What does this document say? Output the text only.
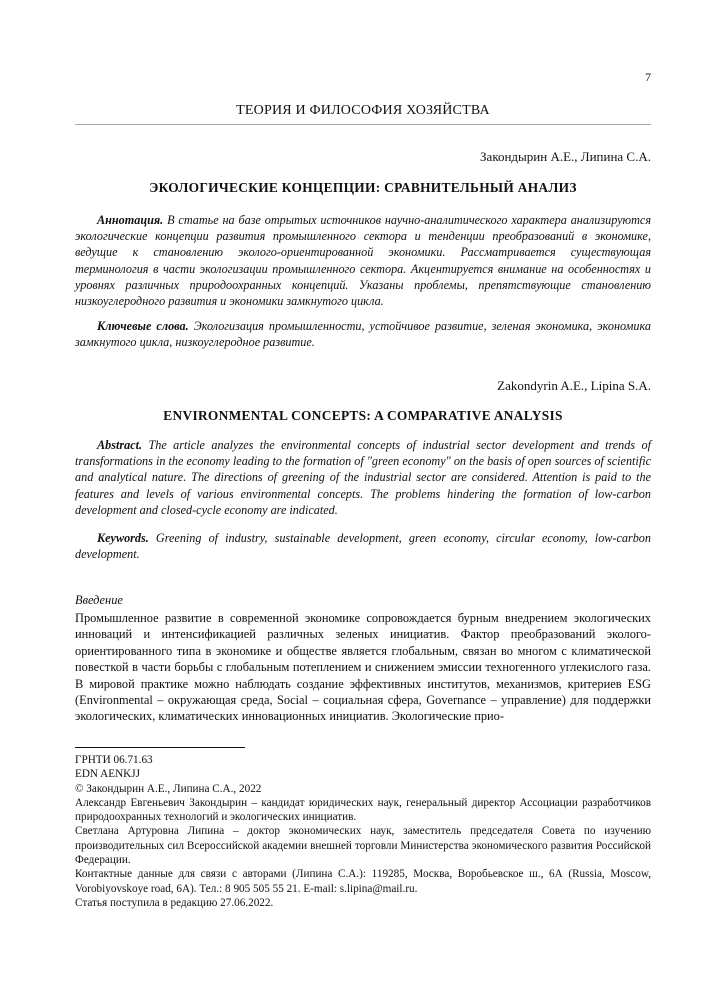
7
ТЕОРИЯ И ФИЛОСОФИЯ ХОЗЯЙСТВА
Закондырин А.Е., Липина С.А.
ЭКОЛОГИЧЕСКИЕ КОНЦЕПЦИИ: СРАВНИТЕЛЬНЫЙ АНАЛИЗ

Аннотация. В статье на базе отрытых источников научно-аналитического характера анализируются экологические концепции развития промышленного сектора и тенденции преобразований в экономике, ведущие к становлению эколого-ориентированной экономики. Рассматривается существующая терминология в части экологизации промышленного сектора. Акцентируется внимание на особенностях и уровнях различных природоохранных концепций. Указаны проблемы, препятствующие становлению низкоуглеродного развития и экономики замкнутого цикла.

Ключевые слова. Экологизация промышленности, устойчивое развитие, зеленая экономика, экономика замкнутого цикла, низкоуглеродное развитие.

Zakondyrin A.E., Lipina S.A.
ENVIRONMENTAL CONCEPTS: A COMPARATIVE ANALYSIS

Abstract. The article analyzes the environmental concepts of industrial sector development and trends of transformations in the economy leading to the formation of "green economy" on the basis of open sources of scientific and analytical nature. The directions of greening of the industrial sector are considered. Attention is paid to the features and levels of various environmental concepts. The problems hindering the formation of low-carbon development and closed-cycle economy are indicated.

Keywords. Greening of industry, sustainable development, green economy, circular economy, low-carbon development.

Введение

Промышленное развитие в современной экономике сопровождается бурным внедрением экологических инноваций и интенсификацией различных зеленых инициатив. Фактор преобразований эколого-ориентированного типа в экономике и обществе является глобальным, связан во многом с климатической повесткой в части борьбы с глобальным потеплением и снижением эмиссии техногенного углекислого газа. В мировой практике можно наблюдать создание эффективных институтов, механизмов, критериев ESG (Environmental – окружающая среда, Social – социальная сфера, Governance – управление) для поддержки экологических, климатических инновационных инициатив. Экологические прио-

ГРНТИ 06.71.63

EDN AENKJJ

© Закондырин А.Е., Липина С.А., 2022

Александр Евгеньевич Закондырин – кандидат юридических наук, генеральный директор Ассоциации разработчиков природоохранных технологий и экологических инициатив.

Светлана Артуровна Липина – доктор экономических наук, заместитель председателя Совета по изучению производительных сил Всероссийской академии внешней торговли Министерства экономического развития Российской Федерации.

Контактные данные для связи с авторами (Липина С.А.): 119285, Москва, Воробьевское ш., 6А (Russia, Moscow, Vorobiyovskoye road, 6A). Тел.: 8 905 505 55 21. E-mail: s.lipina@mail.ru.

Статья поступила в редакцию 27.06.2022.
